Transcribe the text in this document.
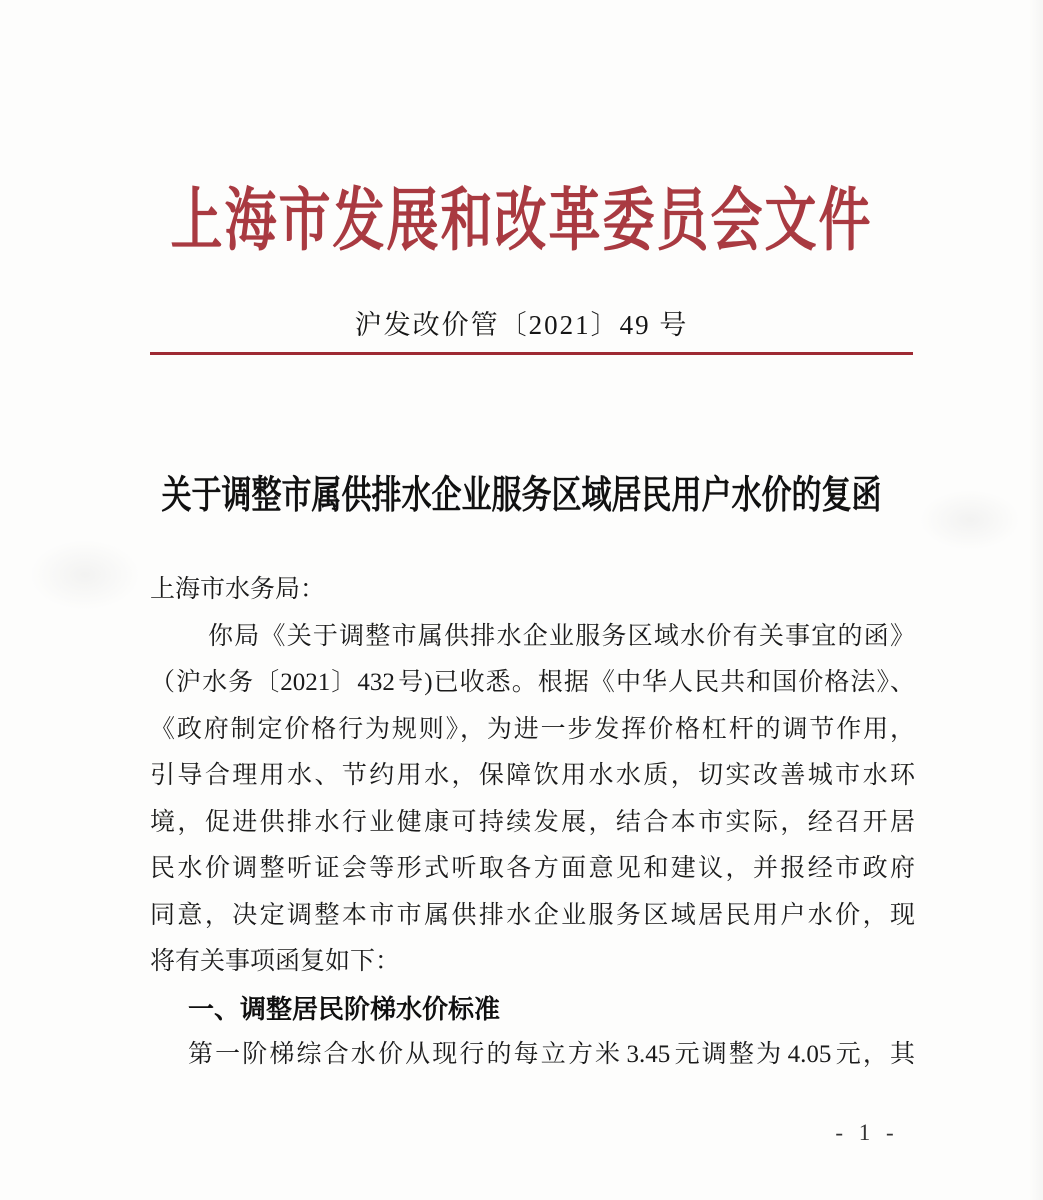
上海市发展和改革委员会文件
沪发改价管〔2021〕49 号
关于调整市属供排水企业服务区域居民用户水价的复函
上海市水务局：
你局《关于调整市属供排水企业服务区域水价有关事宜的函》
（沪水务〔2021〕432 号)已收悉。根据《中华人民共和国价格法》、
《政府制定价格行为规则》，为进一步发挥价格杠杆的调节作用，
引导合理用水、节约用水，保障饮用水水质，切实改善城市水环
境，促进供排水行业健康可持续发展，结合本市实际，经召开居
民水价调整听证会等形式听取各方面意见和建议，并报经市政府
同意，决定调整本市市属供排水企业服务区域居民用户水价，现
将有关事项函复如下：
一、调整居民阶梯水价标准
第一阶梯综合水价从现行的每立方米 3.45 元调整为 4.05 元，其
- 1 -
